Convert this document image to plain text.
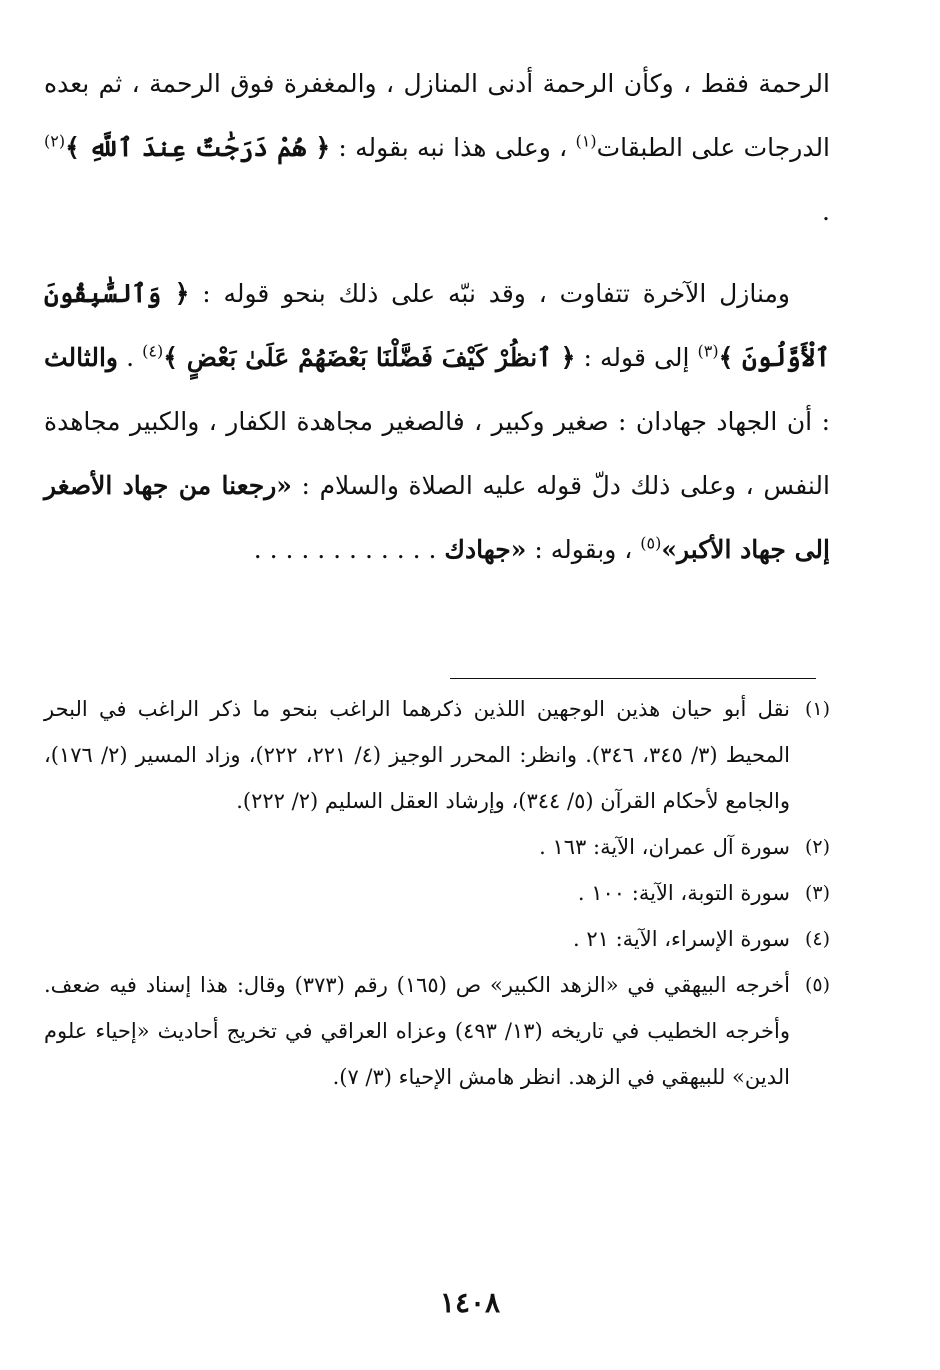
الرحمة فقط ، وكأن الرحمة أدنى المنازل ، والمغفرة فوق الرحمة ، ثم بعده الدرجات على الطبقات$^{(١)}$ ، وعلى هذا نبه بقوله : ﴿ هُمْ دَرَجَٰتٌ عِندَ ٱللَّهِ ﴾$^{(٢)}$ .

ومنازل الآخرة تتفاوت ، وقد نبّه على ذلك بنحو قوله : ﴿ وَٱلسَّٰبِقُونَ ٱلْأَوَّلُونَ ﴾$^{(٣)}$ إلى قوله : ﴿ ٱنظُرْ كَيْفَ فَضَّلْنَا بَعْضَهُمْ عَلَىٰ بَعْضٍ ﴾$^{(٤)}$ . والثالث : أن الجهاد جهادان : صغير وكبير ، فالصغير مجاهدة الكفار ، والكبير مجاهدة النفس ، وعلى ذلك دلّ قوله عليه الصلاة والسلام : «رجعنا من جهاد الأصغر إلى جهاد الأكبر»$^{(٥)}$ ، وبقوله : «جهادك . . . . . . . . . . . .

(١)
نقل أبو حيان هذين الوجهين اللذين ذكرهما الراغب بنحو ما ذكر الراغب في البحر المحيط (٣/ ٣٤٥، ٣٤٦). وانظر: المحرر الوجيز (٤/ ٢٢١، ٢٢٢)، وزاد المسير (٢/ ١٧٦)، والجامع لأحكام القرآن (٥/ ٣٤٤)، وإرشاد العقل السليم (٢/ ٢٢٢).
(٢)
سورة آل عمران، الآية: ١٦٣ .
(٣)
سورة التوبة، الآية: ١٠٠ .
(٤)
سورة الإسراء، الآية: ٢١ .
(٥)
أخرجه البيهقي في «الزهد الكبير» ص (١٦٥) رقم (٣٧٣) وقال: هذا إسناد فيه ضعف. وأخرجه الخطيب في تاريخه (١٣/ ٤٩٣) وعزاه العراقي في تخريج أحاديث «إحياء علوم الدين» للبيهقي في الزهد. انظر هامش الإحياء (٣/ ٧).
١٤٠٨
